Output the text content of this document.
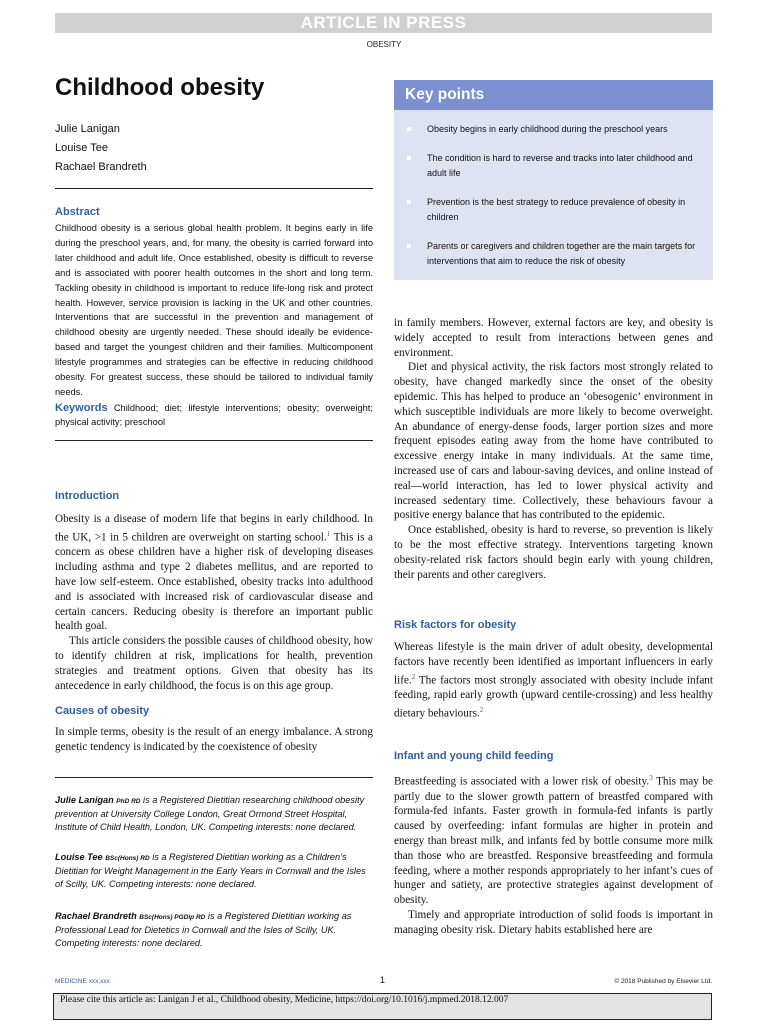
ARTICLE IN PRESS
OBESITY
Childhood obesity
Julie Lanigan
Louise Tee
Rachael Brandreth
Abstract
Childhood obesity is a serious global health problem. It begins early in life during the preschool years, and, for many, the obesity is carried forward into later childhood and adult life. Once established, obesity is difficult to reverse and is associated with poorer health outcomes in the short and long term. Tackling obesity in childhood is important to reduce life-long risk and protect health. However, service provision is lacking in the UK and other countries. Interventions that are successful in the prevention and management of childhood obesity are urgently needed. These should ideally be evidence-based and target the youngest children and their families. Multicomponent lifestyle programmes and strategies can be effective in reducing childhood obesity. For greatest success, these should be tailored to individual family needs.
Keywords Childhood; diet; lifestyle interventions; obesity; overweight; physical activity; preschool
Key points
Obesity begins in early childhood during the preschool years
The condition is hard to reverse and tracks into later childhood and adult life
Prevention is the best strategy to reduce prevalence of obesity in children
Parents or caregivers and children together are the main targets for interventions that aim to reduce the risk of obesity
Introduction

Obesity is a disease of modern life that begins in early childhood. In the UK, >1 in 5 children are overweight on starting school.$^1$ This is a concern as obese children have a higher risk of developing diseases including asthma and type 2 diabetes mellitus, and are reported to have low self-esteem. Once established, obesity tracks into adulthood and is associated with increased risk of cardiovascular disease and certain cancers. Reducing obesity is therefore an important public health goal.

This article considers the possible causes of childhood obesity, how to identify children at risk, implications for health, prevention strategies and treatment options. Given that obesity has its antecedence in early childhood, the focus is on this age group.

Causes of obesity

In simple terms, obesity is the result of an energy imbalance. A strong genetic tendency is indicated by the coexistence of obesity

Julie Lanigan PhD RD is a Registered Dietitian researching childhood obesity prevention at University College London, Great Ormond Street Hospital, Institute of Child Health, London, UK. Competing interests: none declared.
Louise Tee BSc(Hons) RD is a Registered Dietitian working as a Children’s Dietitian for Weight Management in the Early Years in Cornwall and the Isles of Scilly, UK. Competing interests: none declared.
Rachael Brandreth BSc(Hons) PGDip RD is a Registered Dietitian working as Professional Lead for Dietetics in Cornwall and the Isles of Scilly, UK. Competing interests: none declared.

in family members. However, external factors are key, and obesity is widely accepted to result from interactions between genes and environment.

Diet and physical activity, the risk factors most strongly related to obesity, have changed markedly since the onset of the obesity epidemic. This has helped to produce an ‘obesogenic’ environment in which susceptible individuals are more likely to become overweight. An abundance of energy-dense foods, larger portion sizes and more frequent episodes eating away from the home have contributed to excessive energy intake in many individuals. At the same time, increased use of cars and labour-saving devices, and online instead of real—world interaction, has led to lower physical activity and increased sedentary time. Collectively, these behaviours favour a positive energy balance that has contributed to the epidemic.

Once established, obesity is hard to reverse, so prevention is likely to be the most effective strategy. Interventions targeting known obesity-related risk factors should begin early with young children, their parents and other caregivers.

Risk factors for obesity

Whereas lifestyle is the main driver of adult obesity, developmental factors have recently been identified as important influencers in early life.$^2$ The factors most strongly associated with obesity include infant feeding, rapid early growth (upward centile-crossing) and less healthy dietary behaviours.$^2$

Infant and young child feeding

Breastfeeding is associated with a lower risk of obesity.$^3$ This may be partly due to the slower growth pattern of breastfed compared with formula-fed infants. Faster growth in formula-fed infants is partly caused by overfeeding: infant formulas are higher in protein and energy than breast milk, and infants fed by bottle consume more milk than those who are breastfed. Responsive breastfeeding and formula feeding, where a mother responds appropriately to her infant’s cues of hunger and satiety, are protective strategies against development of obesity.

Timely and appropriate introduction of solid foods is important in managing obesity risk. Dietary habits established here are

MEDICINE xxx:xxx	1	© 2018 Published by Elsevier Ltd.
Please cite this article as: Lanigan J et al., Childhood obesity, Medicine, https://doi.org/10.1016/j.mpmed.2018.12.007
